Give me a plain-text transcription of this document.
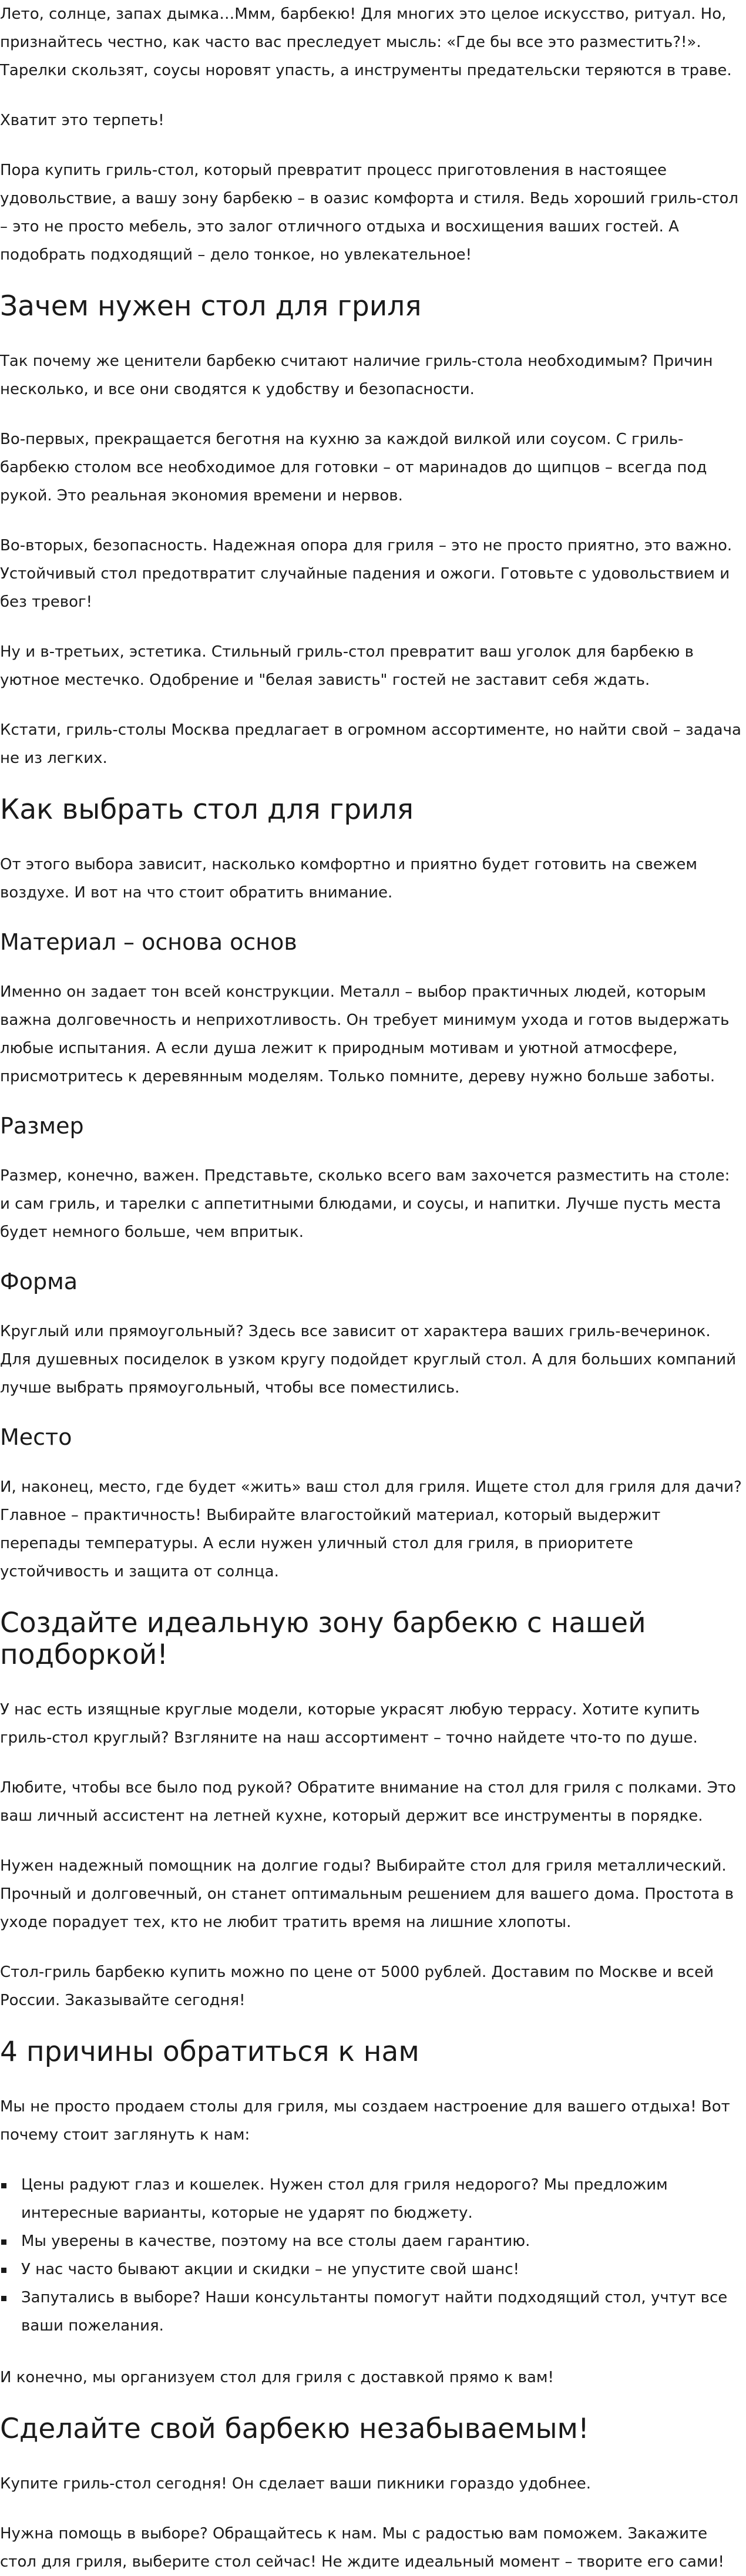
Лето, солнце, запах дымка…Ммм, барбекю! Для многих это целое искусство, ритуал. Но, признайтесь честно, как часто вас преследует мысль: «Где бы все это разместить?!». Тарелки скользят, соусы норовят упасть, а инструменты предательски теряются в траве.

Хватит это терпеть!

Пора купить гриль-стол, который превратит процесс приготовления в настоящее удовольствие, а вашу зону барбекю – в оазис комфорта и стиля. Ведь хороший гриль-стол – это не просто мебель, это залог отличного отдыха и восхищения ваших гостей. А подобрать подходящий – дело тонкое, но увлекательное!

Зачем нужен стол для гриля

Так почему же ценители барбекю считают наличие гриль-стола необходимым? Причин несколько, и все они сводятся к удобству и безопасности.

Во-первых, прекращается беготня на кухню за каждой вилкой или соусом. С гриль-барбекю столом все необходимое для готовки – от маринадов до щипцов – всегда под рукой. Это реальная экономия времени и нервов.

Во-вторых, безопасность. Надежная опора для гриля – это не просто приятно, это важно. Устойчивый стол предотвратит случайные падения и ожоги. Готовьте с удовольствием и без тревог!

Ну и в-третьих, эстетика. Стильный гриль-стол превратит ваш уголок для барбекю в уютное местечко. Одобрение и "белая зависть" гостей не заставит себя ждать.

Кстати, гриль-столы Москва предлагает в огромном ассортименте, но найти свой – задача не из легких.

Как выбрать стол для гриля

От этого выбора зависит, насколько комфортно и приятно будет готовить на свежем воздухе. И вот на что стоит обратить внимание.

Материал – основа основ

Именно он задает тон всей конструкции. Металл – выбор практичных людей, которым важна долговечность и неприхотливость. Он требует минимум ухода и готов выдержать любые испытания. А если душа лежит к природным мотивам и уютной атмосфере, присмотритесь к деревянным моделям. Только помните, дереву нужно больше заботы.

Размер

Размер, конечно, важен. Представьте, сколько всего вам захочется разместить на столе: и сам гриль, и тарелки с аппетитными блюдами, и соусы, и напитки. Лучше пусть места будет немного больше, чем впритык.

Форма

Круглый или прямоугольный? Здесь все зависит от характера ваших гриль-вечеринок. Для душевных посиделок в узком кругу подойдет круглый стол. А для больших компаний лучше выбрать прямоугольный, чтобы все поместились.

Место

И, наконец, место, где будет «жить» ваш стол для гриля. Ищете стол для гриля для дачи? Главное – практичность! Выбирайте влагостойкий материал, который выдержит перепады температуры. А если нужен уличный стол для гриля, в приоритете устойчивость и защита от солнца.

Создайте идеальную зону барбекю с нашей подборкой!

У нас есть изящные круглые модели, которые украсят любую террасу. Хотите купить гриль-стол круглый? Взгляните на наш ассортимент – точно найдете что-то по душе.

Любите, чтобы все было под рукой? Обратите внимание на стол для гриля с полками. Это ваш личный ассистент на летней кухне, который держит все инструменты в порядке.

Нужен надежный помощник на долгие годы? Выбирайте стол для гриля металлический. Прочный и долговечный, он станет оптимальным решением для вашего дома. Простота в уходе порадует тех, кто не любит тратить время на лишние хлопоты.

Стол-гриль барбекю купить можно по цене от 5000 рублей. Доставим по Москве и всей России. Заказывайте сегодня!

4 причины обратиться к нам

Мы не просто продаем столы для гриля, мы создаем настроение для вашего отдыха! Вот почему стоит заглянуть к нам:

Цены радуют глаз и кошелек. Нужен стол для гриля недорого? Мы предложим интересные варианты, которые не ударят по бюджету.
Мы уверены в качестве, поэтому на все столы даем гарантию.
У нас часто бывают акции и скидки – не упустите свой шанс!
Запутались в выборе? Наши консультанты помогут найти подходящий стол, учтут все ваши пожелания.

И конечно, мы организуем стол для гриля с доставкой прямо к вам!

Сделайте свой барбекю незабываемым!

Купите гриль-стол сегодня! Он сделает ваши пикники гораздо удобнее.

Нужна помощь в выборе? Обращайтесь к нам. Мы с радостью вам поможем. Закажите стол для гриля, выберите стол сейчас! Не ждите идеальный момент – творите его сами!
